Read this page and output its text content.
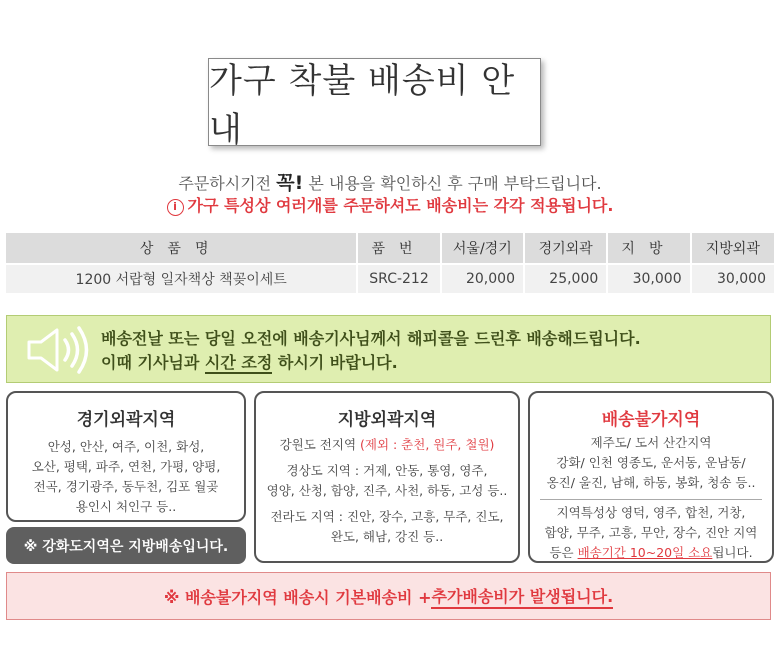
가구 착불 배송비 안내
주문하시기전 꼭! 본 내용을 확인하신 후 구매 부탁드립니다.
i 가구 특성상 여러개를 주문하셔도 배송비는 각각 적용됩니다.
상품명	품번	서울/경기	경기외곽	지방	지방외곽
1200 서랍형 일자책상 책꽂이세트	SRC-212	20,000	25,000	30,000	30,000
배송전날 또는 당일 오전에 배송기사님께서 해피콜을 드린후 배송해드립니다.
이때 기사님과 시간 조정 하시기 바랍니다.
경기외곽지역
안성, 안산, 여주, 이천, 화성,
오산, 평택, 파주, 연천, 가평, 양평,
전곡, 경기광주, 동두천, 김포 월곶
용인시 처인구 등..
※ 강화도지역은 지방배송입니다.
지방외곽지역
강원도 전지역 (제외 : 춘천, 원주, 철원)
경상도 지역 : 거제, 안동, 통영, 영주,
영양, 산청, 함양, 진주, 사천, 하동, 고성 등..
전라도 지역 : 진안, 장수, 고흥, 무주, 진도,
완도, 해남, 강진 등..
배송불가지역
제주도/ 도서 산간지역
강화/ 인천 영종도, 운서동, 운남동/
옹진/ 울진, 남해, 하동, 봉화, 청송 등..
지역특성상 영덕, 영주, 합천, 거창,
함양, 무주, 고흥, 무안, 장수, 진안 지역
등은 배송기간 10~20일 소요됩니다.
※ 배송불가지역 배송시 기본배송비 + 추가배송비가 발생됩니다.
